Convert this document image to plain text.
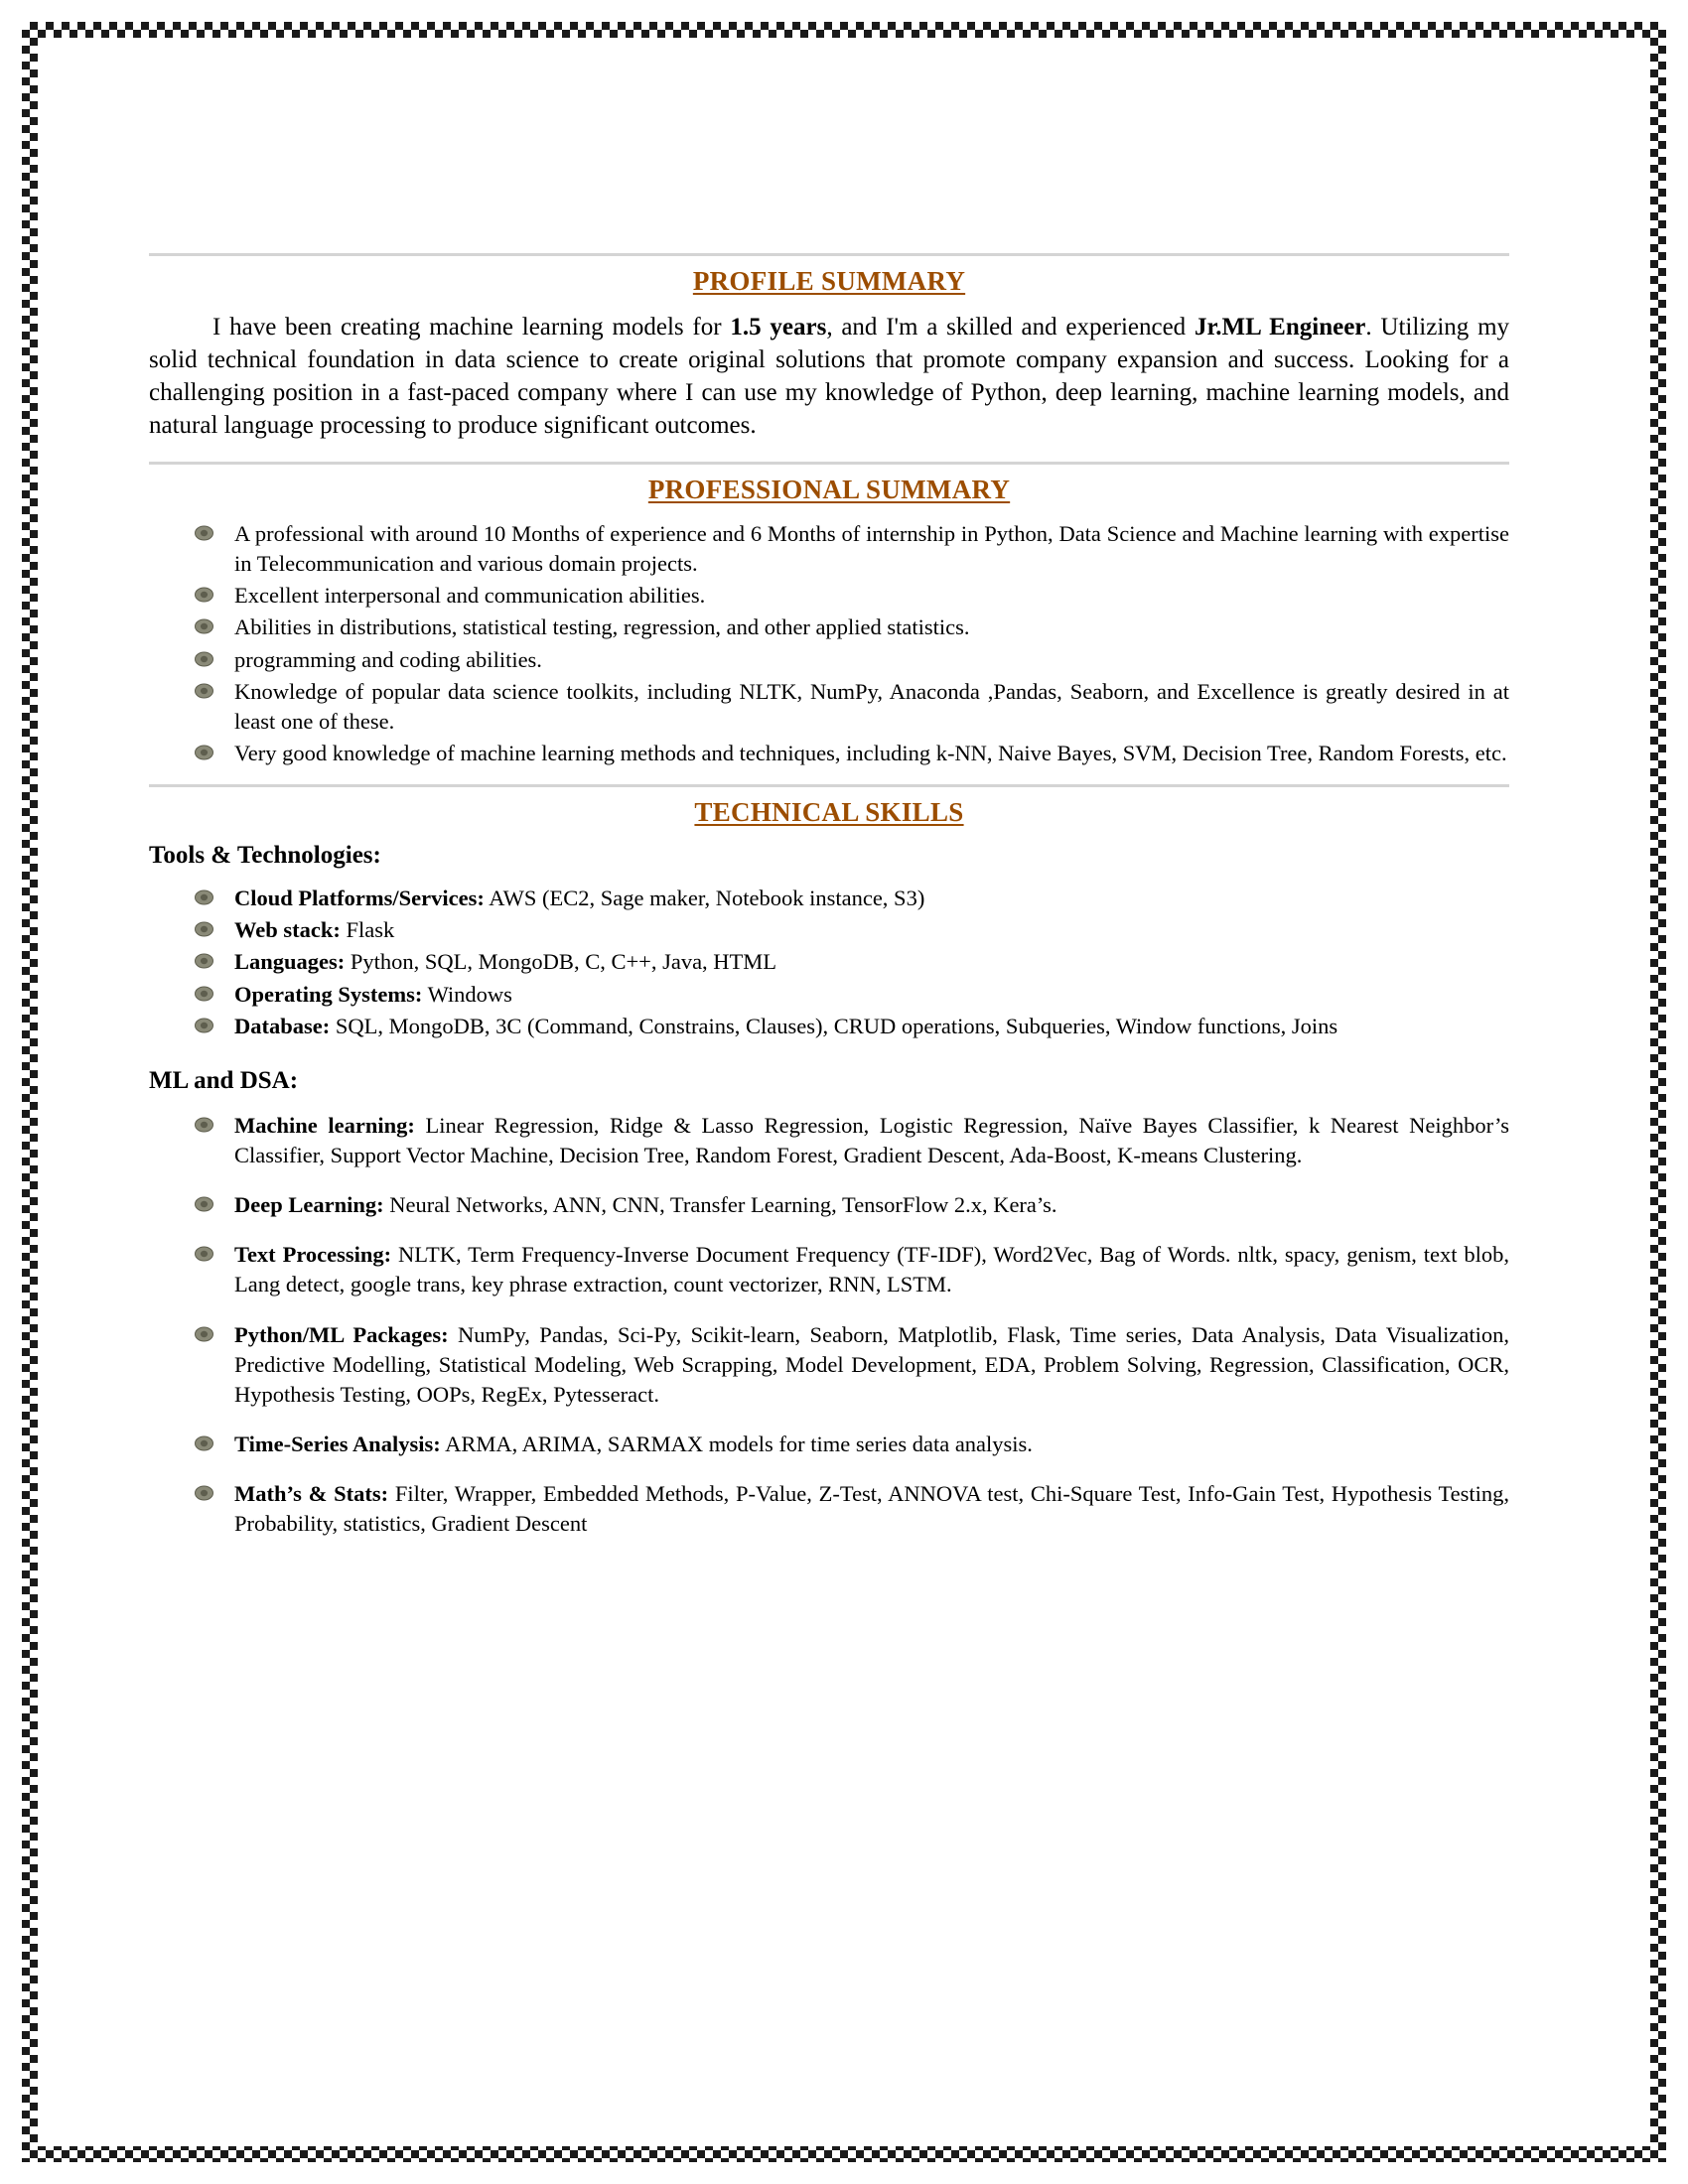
PROFILE SUMMARY

I have been creating machine learning models for 1.5 years, and I'm a skilled and experienced Jr.ML Engineer. Utilizing my solid technical foundation in data science to create original solutions that promote company expansion and success. Looking for a challenging position in a fast-paced company where I can use my knowledge of Python, deep learning, machine learning models, and natural language processing to produce significant outcomes.

PROFESSIONAL SUMMARY
A professional with around 10 Months of experience and 6 Months of internship in Python, Data Science and Machine learning with expertise in Telecommunication and various domain projects.
Excellent interpersonal and communication abilities.
Abilities in distributions, statistical testing, regression, and other applied statistics.
programming and coding abilities.
Knowledge of popular data science toolkits, including NLTK, NumPy, Anaconda ,Pandas, Seaborn, and Excellence is greatly desired in at least one of these.
Very good knowledge of machine learning methods and techniques, including k-NN, Naive Bayes, SVM, Decision Tree, Random Forests, etc.
TECHNICAL SKILLS
Tools & Technologies:
Cloud Platforms/Services: AWS (EC2, Sage maker, Notebook instance, S3)
Web stack: Flask
Languages: Python, SQL, MongoDB, C, C++, Java, HTML
Operating Systems: Windows
Database: SQL, MongoDB, 3C (Command, Constrains, Clauses), CRUD operations, Subqueries, Window functions, Joins
ML and DSA:
Machine learning: Linear Regression, Ridge & Lasso Regression, Logistic Regression, Naïve Bayes Classifier, k Nearest Neighbor’s Classifier, Support Vector Machine, Decision Tree, Random Forest, Gradient Descent, Ada-Boost, K-means Clustering.
Deep Learning: Neural Networks, ANN, CNN, Transfer Learning, TensorFlow 2.x, Kera’s.
Text Processing: NLTK, Term Frequency-Inverse Document Frequency (TF-IDF), Word2Vec, Bag of Words. nltk, spacy, genism, text blob, Lang detect, google trans, key phrase extraction, count vectorizer, RNN, LSTM.
Python/ML Packages: NumPy, Pandas, Sci-Py, Scikit-learn, Seaborn, Matplotlib, Flask, Time series, Data Analysis, Data Visualization, Predictive Modelling, Statistical Modeling, Web Scrapping, Model Development, EDA, Problem Solving, Regression, Classification, OCR, Hypothesis Testing, OOPs, RegEx, Pytesseract.
Time-Series Analysis: ARMA, ARIMA, SARMAX models for time series data analysis.
Math’s & Stats: Filter, Wrapper, Embedded Methods, P-Value, Z-Test, ANNOVA test, Chi-Square Test, Info-Gain Test, Hypothesis Testing, Probability, statistics, Gradient Descent
